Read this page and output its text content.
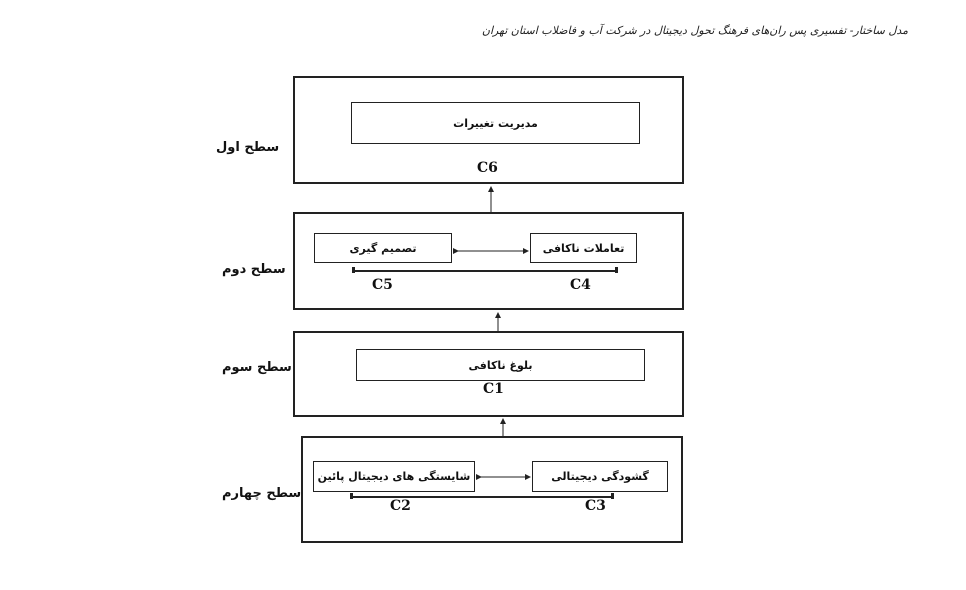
مدل ساختار- تفسیری پس ران‌های فرهنگ تحول دیجیتال در شرکت آب و فاضلاب استان تهران
مدیریت تغییرات
C6
سطح اول
تصمیم گیری	تعاملات ناکافی
C5	C4
سطح دوم
بلوغ ناکافی
C1
سطح سوم
شایستگی های دیجیتال پائین	گشودگی دیجیتالی
C2	C3
سطح چهارم
